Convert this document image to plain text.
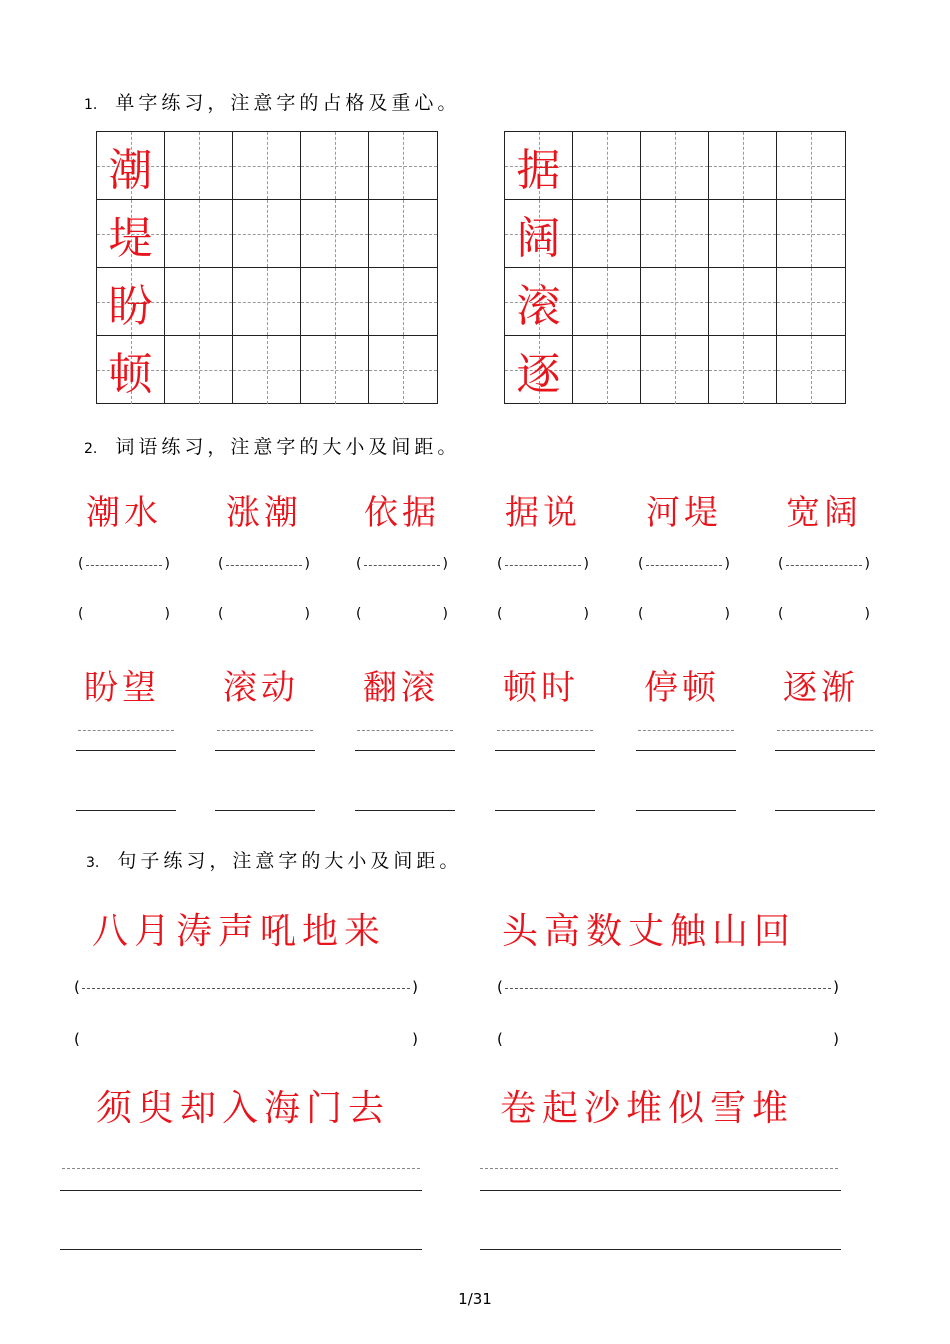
1. 单字练习，注意字的占格及重心。
潮
堤
盼
顿
据
阔
滚
逐
2. 词语练习，注意字的大小及间距。
潮水
(	)
(	)
涨潮
(	)
(	)
依据
(	)
(	)
据说
(	)
(	)
河堤
(	)
(	)
宽阔
(	)
(	)
盼望 滚动 翻滚 顿时 停顿 逐渐
3. 句子练习，注意字的大小及间距。
八月涛声吼地来	头高数丈触山回
(	)	(	)
(	)	(	)
须臾却入海门去	卷起沙堆似雪堆
1/31
